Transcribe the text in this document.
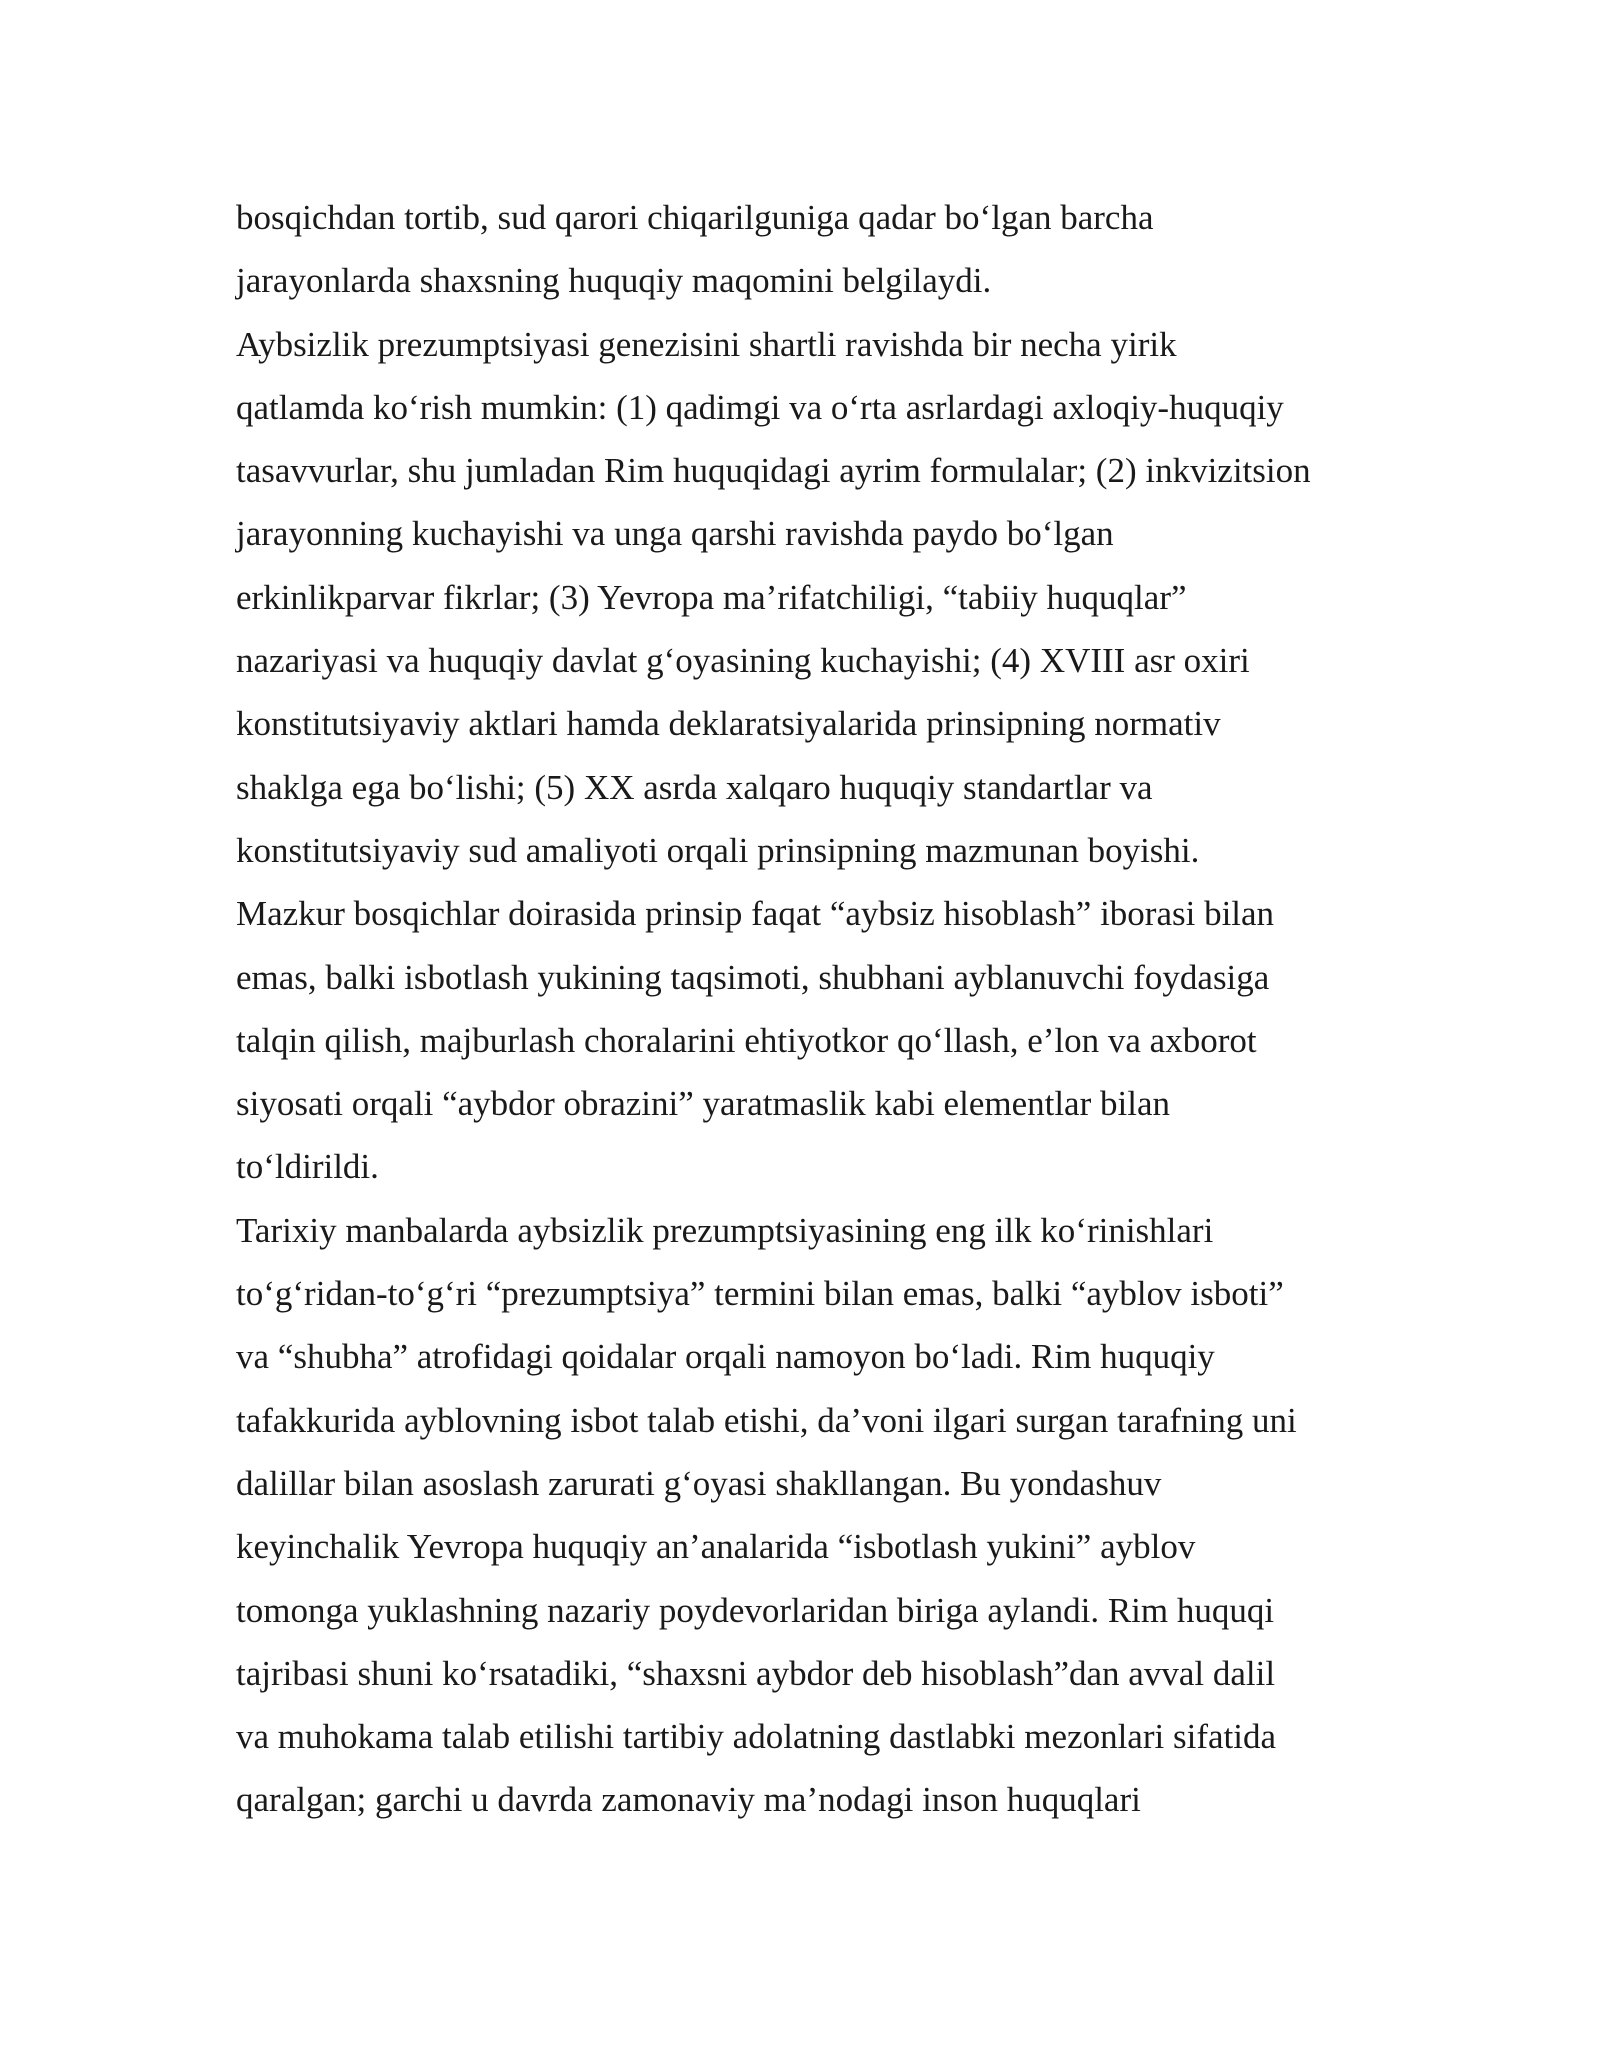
bosqichdan tortib, sud qarori chiqarilguniga qadar bo‘lgan barcha
jarayonlarda shaxsning huquqiy maqomini belgilaydi.
Aybsizlik prezumptsiyasi genezisini shartli ravishda bir necha yirik
qatlamda ko‘rish mumkin: (1) qadimgi va o‘rta asrlardagi axloqiy-huquqiy
tasavvurlar, shu jumladan Rim huquqidagi ayrim formulalar; (2) inkvizitsion
jarayonning kuchayishi va unga qarshi ravishda paydo bo‘lgan
erkinlikparvar fikrlar; (3) Yevropa ma’rifatchiligi, “tabiiy huquqlar”
nazariyasi va huquqiy davlat g‘oyasining kuchayishi; (4) XVIII asr oxiri
konstitutsiyaviy aktlari hamda deklaratsiyalarida prinsipning normativ
shaklga ega bo‘lishi; (5) XX asrda xalqaro huquqiy standartlar va
konstitutsiyaviy sud amaliyoti orqali prinsipning mazmunan boyishi.
Mazkur bosqichlar doirasida prinsip faqat “aybsiz hisoblash” iborasi bilan
emas, balki isbotlash yukining taqsimoti, shubhani ayblanuvchi foydasiga
talqin qilish, majburlash choralarini ehtiyotkor qo‘llash, e’lon va axborot
siyosati orqali “aybdor obrazini” yaratmaslik kabi elementlar bilan
to‘ldirildi.
Tarixiy manbalarda aybsizlik prezumptsiyasining eng ilk ko‘rinishlari
to‘g‘ridan-to‘g‘ri “prezumptsiya” termini bilan emas, balki “ayblov isboti”
va “shubha” atrofidagi qoidalar orqali namoyon bo‘ladi. Rim huquqiy
tafakkurida ayblovning isbot talab etishi, da’voni ilgari surgan tarafning uni
dalillar bilan asoslash zarurati g‘oyasi shakllangan. Bu yondashuv
keyinchalik Yevropa huquqiy an’analarida “isbotlash yukini” ayblov
tomonga yuklashning nazariy poydevorlaridan biriga aylandi. Rim huquqi
tajribasi shuni ko‘rsatadiki, “shaxsni aybdor deb hisoblash”dan avval dalil
va muhokama talab etilishi tartibiy adolatning dastlabki mezonlari sifatida
qaralgan; garchi u davrda zamonaviy ma’nodagi inson huquqlari
